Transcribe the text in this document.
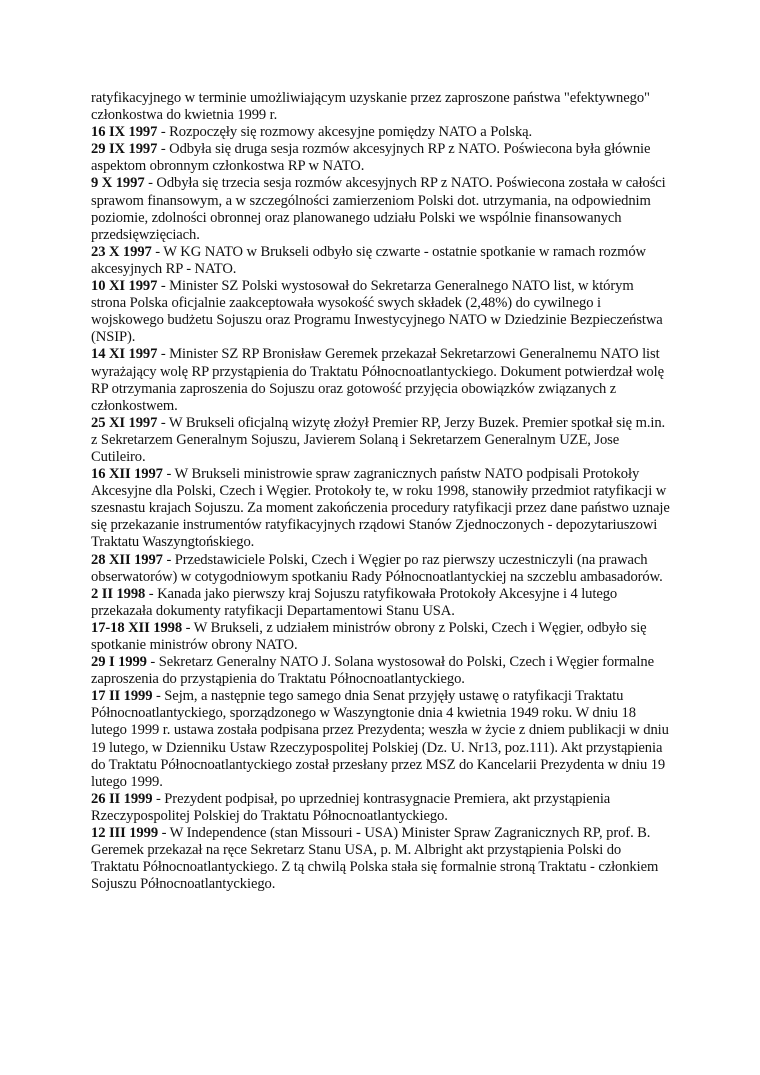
ratyfikacyjnego w terminie umożliwiającym uzyskanie przez zaproszone państwa "efektywnego" członkostwa do kwietnia 1999 r.

16 IX 1997 - Rozpoczęły się rozmowy akcesyjne pomiędzy NATO a Polską.

29 IX 1997 - Odbyła się druga sesja rozmów akcesyjnych RP z NATO. Poświecona była głównie aspektom obronnym członkostwa RP w NATO.

9 X 1997 - Odbyła się trzecia sesja rozmów akcesyjnych RP z NATO. Poświecona została w całości sprawom finansowym, a w szczególności zamierzeniom Polski dot. utrzymania, na odpowiednim poziomie, zdolności obronnej oraz planowanego udziału Polski we wspólnie finansowanych przedsięwzięciach.

23 X 1997 - W KG NATO w Brukseli odbyło się czwarte - ostatnie spotkanie w ramach rozmów akcesyjnych RP - NATO.

10 XI 1997 - Minister SZ Polski wystosował do Sekretarza Generalnego NATO list, w którym strona Polska oficjalnie zaakceptowała wysokość swych składek (2,48%) do cywilnego i wojskowego budżetu Sojuszu oraz Programu Inwestycyjnego NATO w Dziedzinie Bezpieczeństwa (NSIP).

14 XI 1997 - Minister SZ RP Bronisław Geremek przekazał Sekretarzowi Generalnemu NATO list wyrażający wolę RP przystąpienia do Traktatu Północnoatlantyckiego. Dokument potwierdzał wolę RP otrzymania zaproszenia do Sojuszu oraz gotowość przyjęcia obowiązków związanych z członkostwem.

25 XI 1997 - W Brukseli oficjalną wizytę złożył Premier RP, Jerzy Buzek. Premier spotkał się m.in. z Sekretarzem Generalnym Sojuszu, Javierem Solaną i Sekretarzem Generalnym UZE, Jose Cutileiro.

16 XII 1997 - W Brukseli ministrowie spraw zagranicznych państw NATO podpisali Protokoły Akcesyjne dla Polski, Czech i Węgier. Protokoły te, w roku 1998, stanowiły przedmiot ratyfikacji w szesnastu krajach Sojuszu. Za moment zakończenia procedury ratyfikacji przez dane państwo uznaje się przekazanie instrumentów ratyfikacyjnych rządowi Stanów Zjednoczonych - depozytariuszowi Traktatu Waszyngtońskiego.

28 XII 1997 - Przedstawiciele Polski, Czech i Węgier po raz pierwszy uczestniczyli (na prawach obserwatorów) w cotygodniowym spotkaniu Rady Północnoatlantyckiej na szczeblu ambasadorów.

2 II 1998 - Kanada jako pierwszy kraj Sojuszu ratyfikowała Protokoły Akcesyjne i 4 lutego przekazała dokumenty ratyfikacji Departamentowi Stanu USA.

17-18 XII 1998 - W Brukseli, z udziałem ministrów obrony z Polski, Czech i Węgier, odbyło się spotkanie ministrów obrony NATO.

29 I 1999 - Sekretarz Generalny NATO J. Solana wystosował do Polski, Czech i Węgier formalne zaproszenia do przystąpienia do Traktatu Północnoatlantyckiego.

17 II 1999 - Sejm, a następnie tego samego dnia Senat przyjęły ustawę o ratyfikacji Traktatu Północnoatlantyckiego, sporządzonego w Waszyngtonie dnia 4 kwietnia 1949 roku. W dniu 18 lutego 1999 r. ustawa została podpisana przez Prezydenta; weszła w życie z dniem publikacji w dniu 19 lutego, w Dzienniku Ustaw Rzeczypospolitej Polskiej (Dz. U. Nr13, poz.111). Akt przystąpienia do Traktatu Północnoatlantyckiego został przesłany przez MSZ do Kancelarii Prezydenta w dniu 19 lutego 1999.

26 II 1999 - Prezydent podpisał, po uprzedniej kontrasygnacie Premiera, akt przystąpienia Rzeczypospolitej Polskiej do Traktatu Północnoatlantyckiego.

12 III 1999 - W Independence (stan Missouri - USA) Minister Spraw Zagranicznych RP, prof. B. Geremek przekazał na ręce Sekretarz Stanu USA, p. M. Albright akt przystąpienia Polski do Traktatu Północnoatlantyckiego. Z tą chwilą Polska stała się formalnie stroną Traktatu - członkiem Sojuszu Północnoatlantyckiego.
